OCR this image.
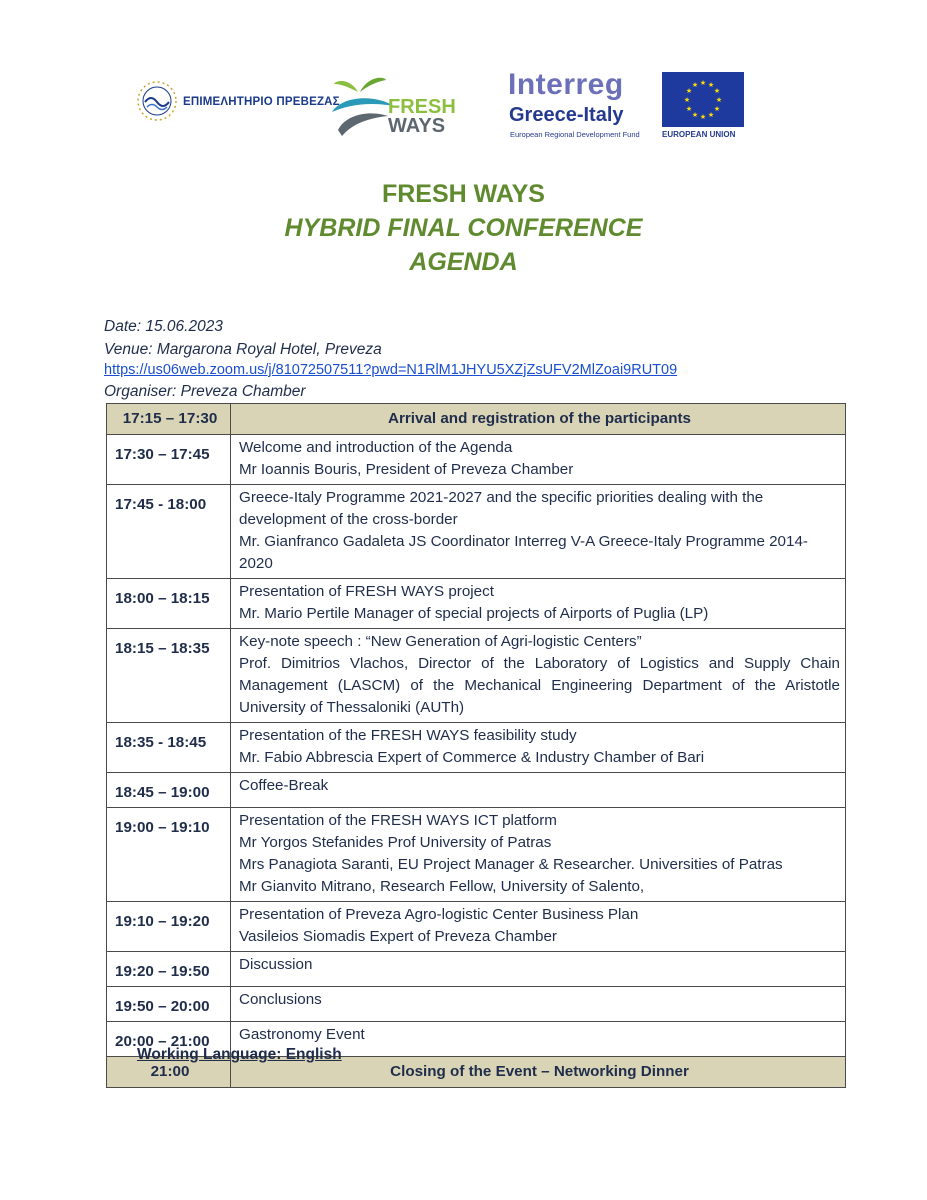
ΕΠΙΜΕΛΗΤΗΡΙΟ ΠΡΕΒΕΖΑΣ FRESH
WAYS
Interreg
Greece-Italy
European Regional Development Fund
★ ★
★
★
★
★
★
★
★
★
★
★
EUROPEAN UNION
FRESH WAYS
HYBRID FINAL CONFERENCE
AGENDA
Date: 15.06.2023
Venue: Margarona Royal Hotel, Preveza
https://us06web.zoom.us/j/81072507511?pwd=N1RlM1JHYU5XZjZsUFV2MlZoai9RUT09
Organiser: Preveza Chamber
17:15 – 17:30	Arrival and registration of the participants

17:30 – 17:45	Welcome and introduction of the Agenda
Mr Ioannis Bouris, President of Preveza Chamber

17:45 - 18:00	Greece-Italy Programme 2021-2027 and the specific priorities dealing with the development of the cross-border
Mr. Gianfranco Gadaleta JS Coordinator Interreg V-A Greece-Italy Programme 2014-2020

18:00 – 18:15	Presentation of FRESH WAYS project
Mr. Mario Pertile Manager of special projects of Airports of Puglia (LP)

18:15 – 18:35	Key-note speech : “New Generation of Agri-logistic Centers”
Prof. Dimitrios Vlachos, Director of the Laboratory of Logistics and Supply Chain Management (LASCM) of the Mechanical Engineering Department of the Aristotle University of Thessaloniki (AUTh)

18:35 - 18:45	Presentation of the FRESH WAYS feasibility study
Mr. Fabio Abbrescia Expert of Commerce & Industry Chamber of Bari

18:45 – 19:00	Coffee-Break

19:00 – 19:10	Presentation of the FRESH WAYS ICT platform
Mr Yorgos Stefanides Prof University of Patras
Mrs Panagiota Saranti, EU Project Manager & Researcher. Universities of Patras
Mr Gianvito Mitrano, Research Fellow, University of Salento,

19:10 – 19:20	Presentation of Preveza Agro-logistic Center Business Plan
Vasileios Siomadis Expert of Preveza Chamber

19:20 – 19:50	Discussion

19:50 – 20:00	Conclusions

20:00 – 21:00	Gastronomy Event

21:00	Closing of the Event – Networking Dinner
Working Language: English
